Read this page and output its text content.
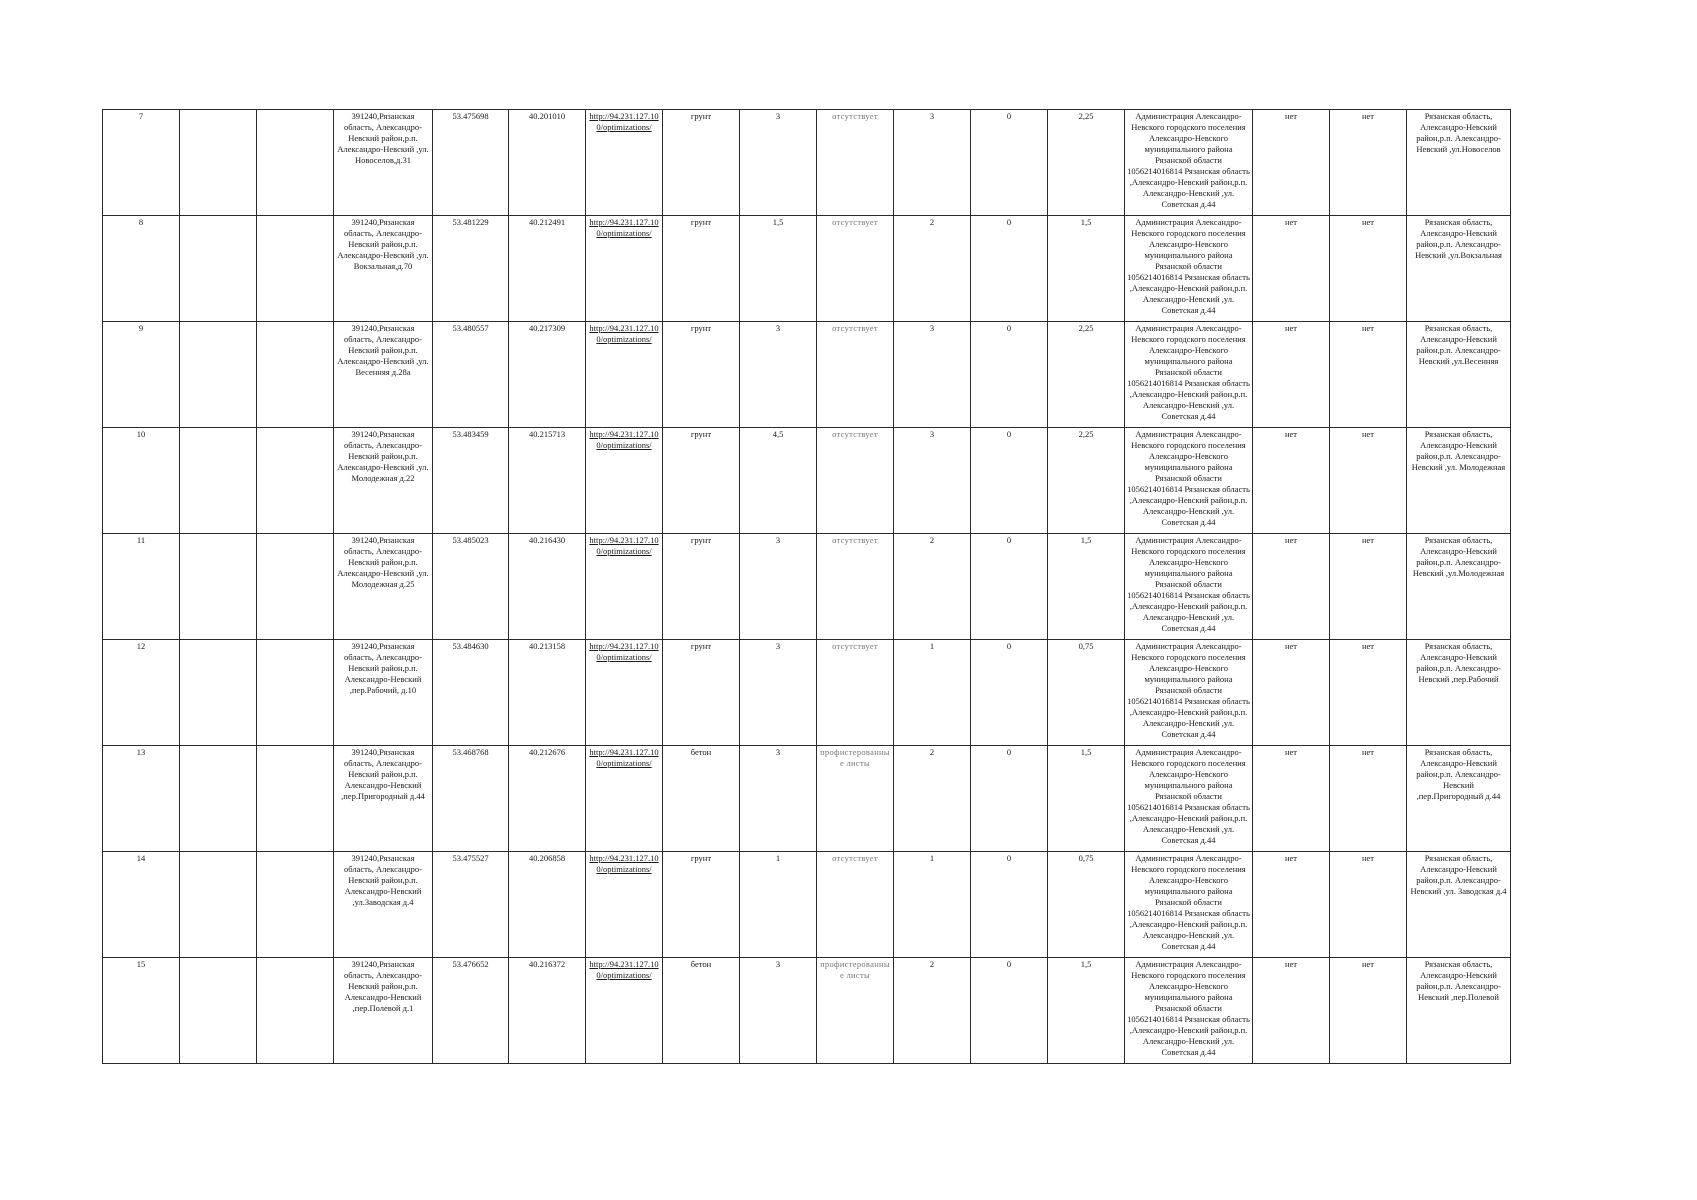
7			391240,Рязанская область, Александро-Невский район,р.п. Александро-Невский ,ул. Новоселов,д.31	53.475698	40.201010	http://94.231.127.10 0/optimizations/	грунт	3	отсутствует	3	0	2,25	Администрация Александро-Невского городского поселения Александро-Невского муниципального района Рязанской области 1056214016814 Рязанская область ,Александро-Невский район,р.п. Александро-Невский ,ул. Советская д.44	нет	нет	Рязанская область, Александро-Невский район,р.п. Александро-Невский ,ул.Новоселов
8			391240,Рязанская область, Александро-Невский район,р.п. Александро-Невский ,ул. Вокзальная,д.70	53.481229	40.212491	http://94.231.127.10 0/optimizations/	грунт	1,5	отсутствует	2	0	1,5	Администрация Александро-Невского городского поселения Александро-Невского муниципального района Рязанской области 1056214016814 Рязанская область ,Александро-Невский район,р.п. Александро-Невский ,ул. Советская д.44	нет	нет	Рязанская область, Александро-Невский район,р.п. Александро-Невский ,ул.Вокзальная
9			391240,Рязанская область, Александро-Невский район,р.п. Александро-Невский ,ул. Весенняя д.28а	53.480557	40.217309	http://94.231.127.10 0/optimizations/	грунт	3	отсутствует	3	0	2,25	Администрация Александро-Невского городского поселения Александро-Невского муниципального района Рязанской области 1056214016814 Рязанская область ,Александро-Невский район,р.п. Александро-Невский ,ул. Советская д.44	нет	нет	Рязанская область, Александро-Невский район,р.п. Александро-Невский ,ул.Весенняя
10			391240,Рязанская область, Александро-Невский район,р.п. Александро-Невский ,ул. Молодежная д.22	53.483459	40.215713	http://94.231.127.10 0/optimizations/	грунт	4,5	отсутствует	3	0	2,25	Администрация Александро-Невского городского поселения Александро-Невского муниципального района Рязанской области 1056214016814 Рязанская область ,Александро-Невский район,р.п. Александро-Невский ,ул. Советская д.44	нет	нет	Рязанская область, Александро-Невский район,р.п. Александро-Невский ,ул. Молодежная
11			391240,Рязанская область, Александро-Невский район,р.п. Александро-Невский ,ул. Молодежная д.25	53.485023	40.216430	http://94.231.127.10 0/optimizations/	грунт	3	отсутствует	2	0	1,5	Администрация Александро-Невского городского поселения Александро-Невского муниципального района Рязанской области 1056214016814 Рязанская область ,Александро-Невский район,р.п. Александро-Невский ,ул. Советская д.44	нет	нет	Рязанская область, Александро-Невский район,р.п. Александро-Невский ,ул.Молодежная
12			391240,Рязанская область, Александро-Невский район,р.п. Александро-Невский ,пер.Рабочий, д.10	53.484630	40.213158	http://94.231.127.10 0/optimizations/	грунт	3	отсутствует	1	0	0,75	Администрация Александро-Невского городского поселения Александро-Невского муниципального района Рязанской области 1056214016814 Рязанская область ,Александро-Невский район,р.п. Александро-Невский ,ул. Советская д.44	нет	нет	Рязанская область, Александро-Невский район,р.п. Александро-Невский ,пер.Рабочий
13			391240,Рязанская область, Александро-Невский район,р.п. Александро-Невский ,пер.Пригородный д.44	53.468768	40.212676	http://94.231.127.10 0/optimizations/	бетон	3	профистерованные листы	2	0	1,5	Администрация Александро-Невского городского поселения Александро-Невского муниципального района Рязанской области 1056214016814 Рязанская область ,Александро-Невский район,р.п. Александро-Невский ,ул. Советская д.44	нет	нет	Рязанская область, Александро-Невский район,р.п. Александро-Невский ,пер.Пригородный д.44
14			391240,Рязанская область, Александро-Невский район,р.п. Александро-Невский ,ул.Заводская д.4	53.475527	40.206858	http://94.231.127.10 0/optimizations/	грунт	1	отсутствует	1	0	0,75	Администрация Александро-Невского городского поселения Александро-Невского муниципального района Рязанской области 1056214016814 Рязанская область ,Александро-Невский район,р.п. Александро-Невский ,ул. Советская д.44	нет	нет	Рязанская область, Александро-Невский район,р.п. Александро-Невский ,ул. Заводская д.4
15			391240,Рязанская область, Александро-Невский район,р.п. Александро-Невский ,пер.Полевой д.1	53.476652	40.216372	http://94.231.127.10 0/optimizations/	бетон	3	профистерованные листы	2	0	1,5	Администрация Александро-Невского городского поселения Александро-Невского муниципального района Рязанской области 1056214016814 Рязанская область ,Александро-Невский район,р.п. Александро-Невский ,ул. Советская д.44	нет	нет	Рязанская область, Александро-Невский район,р.п. Александро-Невский ,пер.Полевой
